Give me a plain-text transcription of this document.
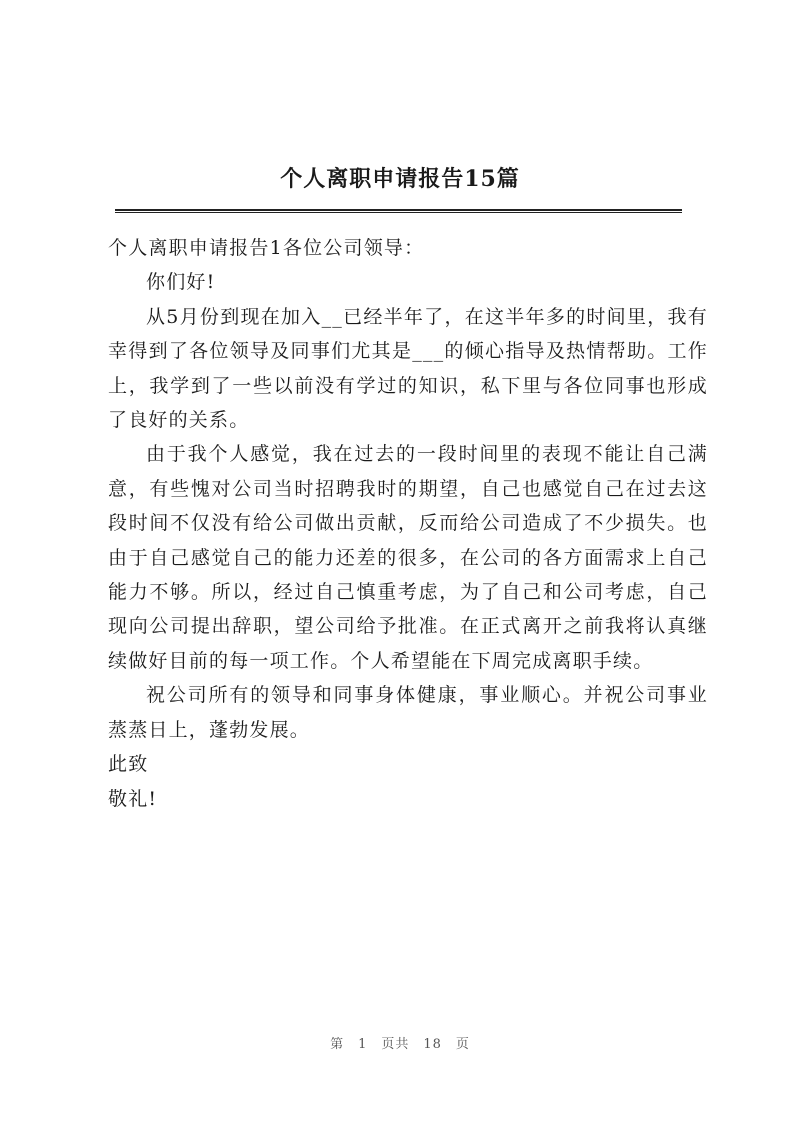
个人离职申请报告15篇

个人离职申请报告1各位公司领导：

你们好!

从5月份到现在加入__已经半年了，在这半年多的时间里，我有幸得到了各位领导及同事们尤其是___的倾心指导及热情帮助。工作上，我学到了一些以前没有学过的知识，私下里与各位同事也形成了良好的关系。

由于我个人感觉，我在过去的一段时间里的表现不能让自己满意，有些愧对公司当时招聘我时的期望，自己也感觉自己在过去这段时间不仅没有给公司做出贡献，反而给公司造成了不少损失。也由于自己感觉自己的能力还差的很多，在公司的各方面需求上自己能力不够。所以，经过自己慎重考虑，为了自己和公司考虑，自己现向公司提出辞职，望公司给予批准。在正式离开之前我将认真继续做好目前的每一项工作。个人希望能在下周完成离职手续。

祝公司所有的领导和同事身体健康，事业顺心。并祝公司事业蒸蒸日上，蓬勃发展。

此致

敬礼!

第 1 页共 18 页
